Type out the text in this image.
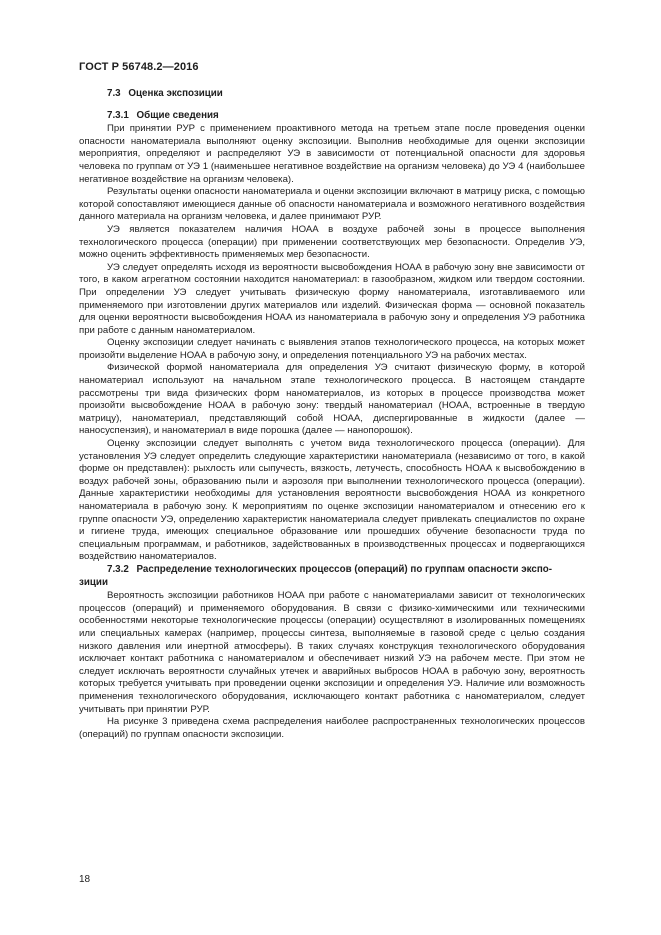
ГОСТ Р 56748.2—2016
7.3 Оценка экспозиции
7.3.1 Общие сведения

При принятии РУР с применением проактивного метода на третьем этапе после проведения оценки опасности наноматериала выполняют оценку экспозиции. Выполнив необходимые для оценки экспозиции мероприятия, определяют и распределяют УЭ в зависимости от потенциальной опасности для здоровья человека по группам от УЭ 1 (наименьшее негативное воздействие на организм человека) до УЭ 4 (наибольшее негативное воздействие на организм человека).

Результаты оценки опасности наноматериала и оценки экспозиции включают в матрицу риска, с помощью которой сопоставляют имеющиеся данные об опасности наноматериала и возможного негативного воздействия данного материала на организм человека, и далее принимают РУР.

УЭ является показателем наличия НОАА в воздухе рабочей зоны в процессе выполнения технологического процесса (операции) при применении соответствующих мер безопасности. Определив УЭ, можно оценить эффективность применяемых мер безопасности.

УЭ следует определять исходя из вероятности высвобождения НОАА в рабочую зону вне зависимости от того, в каком агрегатном состоянии находится наноматериал: в газообразном, жидком или твердом состоянии. При определении УЭ следует учитывать физическую форму наноматериала, изготавливаемого или применяемого при изготовлении других материалов или изделий. Физическая форма — основной показатель для оценки вероятности высвобождения НОАА из наноматериала в рабочую зону и определения УЭ работника при работе с данным наноматериалом.

Оценку экспозиции следует начинать с выявления этапов технологического процесса, на которых может произойти выделение НОАА в рабочую зону, и определения потенциального УЭ на рабочих местах.

Физической формой наноматериала для определения УЭ считают физическую форму, в которой наноматериал используют на начальном этапе технологического процесса. В настоящем стандарте рассмотрены три вида физических форм наноматериалов, из которых в процессе производства может произойти высвобождение НОАА в рабочую зону: твердый наноматериал (НОАА, встроенные в твердую матрицу), наноматериал, представляющий собой НОАА, диспергированные в жидкости (далее — наносуспензия), и наноматериал в виде порошка (далее — нанопорошок).

Оценку экспозиции следует выполнять с учетом вида технологического процесса (операции). Для установления УЭ следует определить следующие характеристики наноматериала (независимо от того, в какой форме он представлен): рыхлость или сыпучесть, вязкость, летучесть, способность НОАА к высвобождению в воздух рабочей зоны, образованию пыли и аэрозоля при выполнении технологического процесса (операции). Данные характеристики необходимы для установления вероятности высвобождения НОАА из конкретного наноматериала в рабочую зону. К мероприятиям по оценке экспозиции наноматериалом и отнесению его к группе опасности УЭ, определению характеристик наноматериала следует привлекать специалистов по охране и гигиене труда, имеющих специальное образование или прошедших обучение безопасности труда по специальным программам, и работников, задействованных в производственных процессах и подвергающихся воздействию наноматериалов.

7.3.2 Распределение технологических процессов (операций) по группам опасности экспо-
зиции

Вероятность экспозиции работников НОАА при работе с наноматериалами зависит от технологических процессов (операций) и применяемого оборудования. В связи с физико-химическими или техническими особенностями некоторые технологические процессы (операции) осуществляют в изолированных помещениях или специальных камерах (например, процессы синтеза, выполняемые в газовой среде с целью создания низкого давления или инертной атмосферы). В таких случаях конструкция технологического оборудования исключает контакт работника с наноматериалом и обеспечивает низкий УЭ на рабочем месте. При этом не следует исключать вероятности случайных утечек и аварийных выбросов НОАА в рабочую зону, вероятность которых требуется учитывать при проведении оценки экспозиции и определения УЭ. Наличие или возможность применения технологического оборудования, исключающего контакт работника с наноматериалом, следует учитывать при принятии РУР.

На рисунке 3 приведена схема распределения наиболее распространенных технологических процессов (операций) по группам опасности экспозиции.

18
